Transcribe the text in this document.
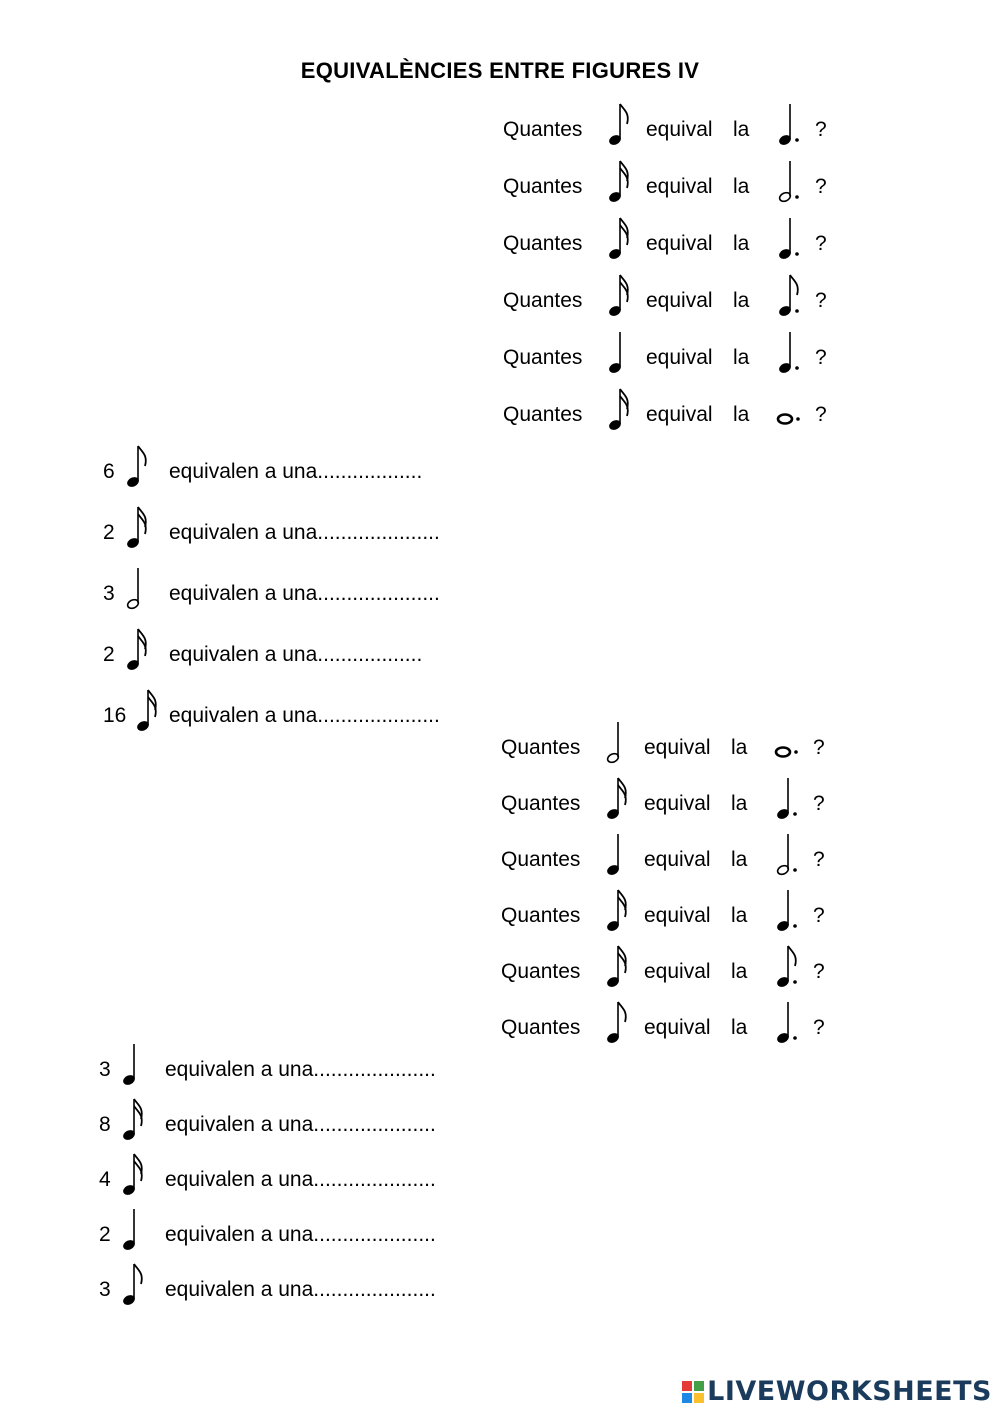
EQUIVALÈNCIES ENTRE FIGURES IV
Quantes	equival la	?
Quantes	equival la	?
Quantes	equival la	?
Quantes	equival la	?
Quantes	equival la	?
Quantes	equival la	?
6	equivalen a una..................
2	equivalen a una.....................
3	equivalen a una.....................
2	equivalen a una..................
16 equivalen a una.....................
Quantes	equival la	?
Quantes	equival la	?
Quantes	equival la	?
Quantes	equival la	?
Quantes	equival la	?
Quantes	equival la	?
3	equivalen a una.....................
8	equivalen a una.....................
4	equivalen a una.....................
2	equivalen a una.....................
3	equivalen a una.....................
LIVEWORKSHEETS
